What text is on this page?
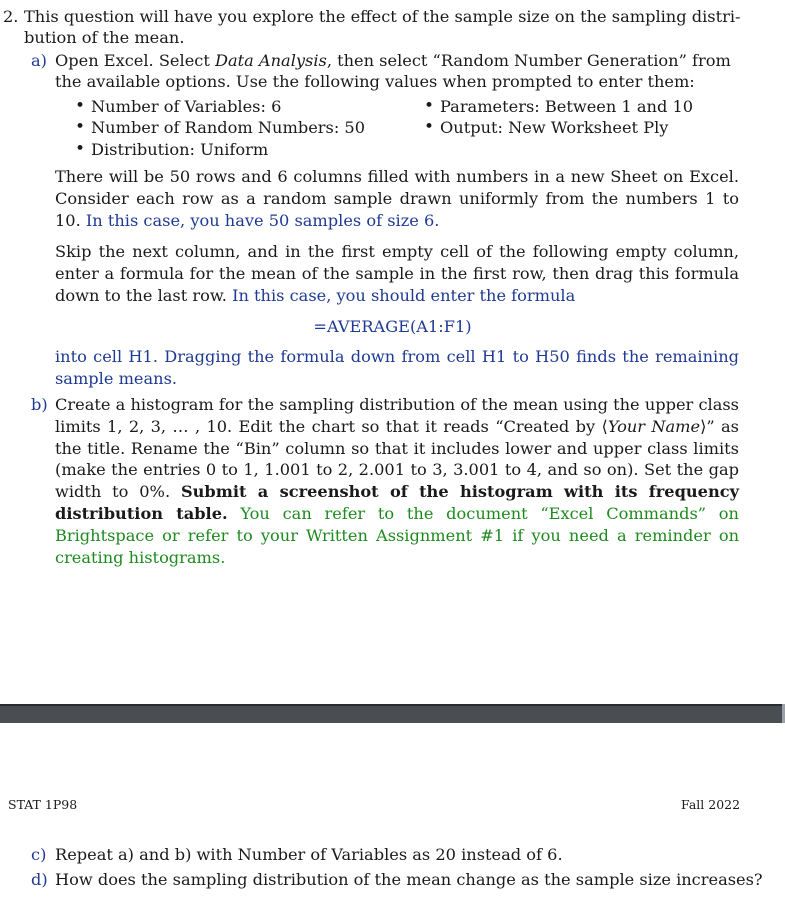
2. This question will have you explore the effect of the sample size on the sampling distri-
bution of the mean.
a) Open Excel. Select Data Analysis, then select “Random Number Generation” from
the available options. Use the following values when prompted to enter them:
• Number of Variables: 6	• Parameters: Between 1 and 10
• Number of Random Numbers: 50	• Output: New Worksheet Ply
• Distribution: Uniform

There will be 50 rows and 6 columns filled with numbers in a new Sheet on Excel. Consider each row as a random sample drawn uniformly from the numbers 1 to 10. In this case, you have 50 samples of size 6.

Skip the next column, and in the first empty cell of the following empty column, enter a formula for the mean of the sample in the first row, then drag this formula down to the last row. In this case, you should enter the formula

=AVERAGE(A1:F1)

into cell H1. Dragging the formula down from cell H1 to H50 finds the remaining sample means.

b) Create a histogram for the sampling distribution of the mean using the upper class limits 1, 2, 3, … , 10. Edit the chart so that it reads “Created by ⟨Your Name⟩” as the title. Rename the “Bin” column so that it includes lower and upper class limits (make the entries 0 to 1, 1.001 to 2, 2.001 to 3, 3.001 to 4, and so on). Set the gap width to 0%. Submit a screenshot of the histogram with its frequency distribution table. You can refer to the document “Excel Commands” on Brightspace or refer to your Written Assignment #1 if you need a reminder on creating histograms.

STAT 1P98	Fall 2022
c) Repeat a) and b) with Number of Variables as 20 instead of 6.
d) How does the sampling distribution of the mean change as the sample size increases?
